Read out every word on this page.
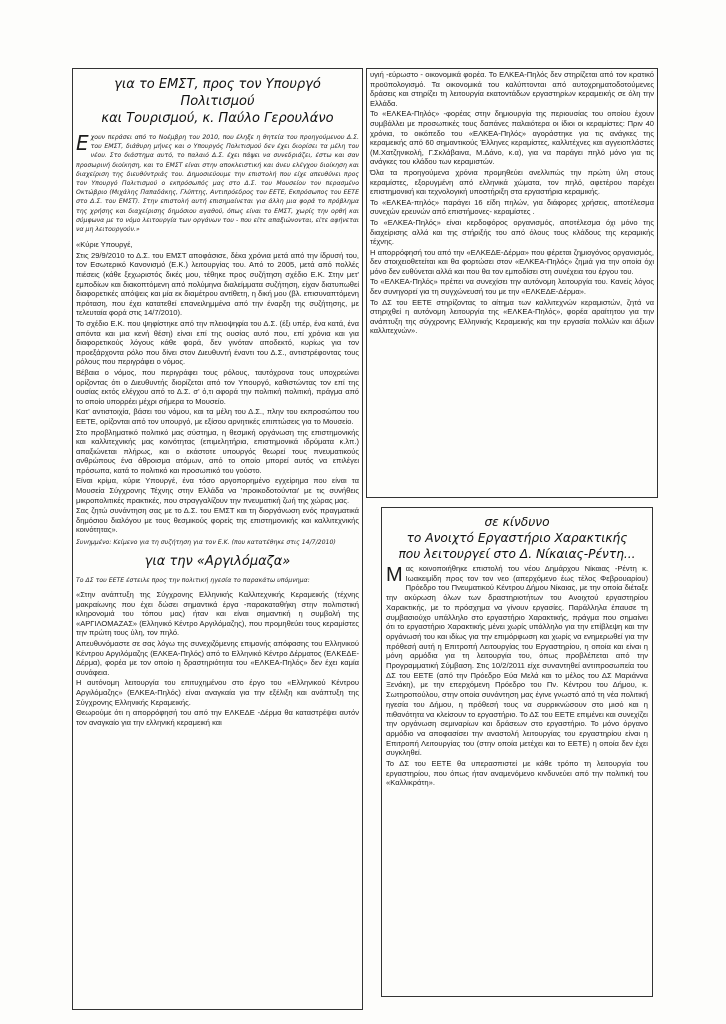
για το ΕΜΣΤ, προς τον Υπουργό Πολιτισμού
και Τουρισμού, κ. Παύλο Γερουλάνο
Εχουν περάσει από το Νοέμβρη του 2010, που έληξε η θητεία του προηγούμενου Δ.Σ. του ΕΜΣΤ, διάθυρη μήνες και ο Υπουργός Πολιτισμού δεν έχει διορίσει τα μέλη του νέου. Στο διάστημα αυτό, το παλαιό Δ.Σ. έχει πάψει να συνεδριάζει, έστω και σαν προσωρινή διοίκηση, και το ΕΜΣΤ είναι στην αποκλειστική και άνευ ελέγχου διοίκηση και διαχείριση της διευθύντριάς του. Δημοσιεύουμε την επιστολή που είχε απευθύνει προς τον Υπουργό Πολιτισμού ο εκπρόσωπός μας στο Δ.Σ. του Μουσείου τον περασμένο Οκτώβριο (Μιχάλης Παπαδάκης, Γλύπτης, Αντιπρόεδρος του ΕΕΤΕ, Εκπρόσωπος του ΕΕΤΕ στο Δ.Σ. του ΕΜΣΤ). Στην επιστολή αυτή επισημαίνεται για άλλη μια φορά το πρόβλημα της χρήσης και διαχείρισης δημόσιου αγαθού, όπως είναι το ΕΜΣΤ, χωρίς την ορθή και σύμφωνα με το νόμο λειτουργία των οργάνων του - που είτε απαξιώνονται, είτε αφήνεται να μη λειτουργούν.»

«Κύριε Υπουργέ,

Στις 29/9/2010 το Δ.Σ. του ΕΜΣΤ αποφάσισε, δέκα χρόνια μετά από την ίδρυσή του, τον Εσωτερικό Κανονισμό (Ε.Κ.) λειτουργίας του. Από το 2005, μετά από πολλές πιέσεις (κάθε ξεχωριστός δικές μου, τέθηκε προς συζήτηση σχέδιο Ε.Κ. Στην μετ' εμποδίων και διακοπτόμενη από πολύμηνα διαλείμματα συζήτηση, είχαν διατυπωθεί διαφορετικές απόψεις και μία εκ διαμέτρου αντίθετη, η δική μου (βλ. επισυναπτόμενη πρόταση, που έχει κατατεθεί επανειλημμένα από την έναρξη της συζήτησης, με τελευταία φορά στις 14/7/2010).

Το σχέδιο Ε.Κ. που ψηφίστηκε από την πλειοψηφία του Δ.Σ. (έξι υπέρ, ένα κατά, ένα απόντα και μια κενή θέση) είναι επί της ουσίας αυτό που, επί χρόνια και για διαφορετικούς λόγους κάθε φορά, δεν γινόταν αποδεκτό, κυρίως για τον προεξάρχοντα ρόλο που δίνει στον Διευθυντή έναντι του Δ.Σ., αντιστρέφοντας τους ρόλους που περιγράφει ο νόμος.

Βέβαια ο νόμος, που περιγράφει τους ρόλους, ταυτόχρονα τους υποχρεώνει ορίζοντας ότι ο Διευθυντής διορίζεται από τον Υπουργό, καθιστώντας τον επί της ουσίας εκτός ελέγχου από το Δ.Σ. σ' ό,τι αφορά την πολιτική πολιτική, πράγμα από το οποίο υπορρέει μέχρι σήμερα το Μουσείο.

Κατ' αντιστοιχία, βάσει του νόμου, και τα μέλη του Δ.Σ., πλην του εκπροσώπου του ΕΕΤΕ, ορίζονται από τον υπουργό, με εξίσου αρνητικές επιπτώσεις για το Μουσείο.

Στο προβληματικό πολιτικό μας σύστημα, η θεσμική οργάνωση της επιστημονικής και καλλιτεχνικής μας κοινότητας (επιμελητήρια, επιστημονικά ιδρύματα κ.λπ.) απαξιώνεται πλήρως, και ο εκάστοτε υπουργός θεωρεί τους πνευματικούς ανθρώπους ένα άθροισμα ατόμων, από το οποίο μπορεί αυτός να επιλέγει πρόσωπα, κατά το πολιτικό και προσωπικό του γούστο.

Είναι κρίμα, κύριε Υπουργέ, ένα τόσο αργοπορημένο εγχείρημα που είναι τα Μουσεία Σύγχρονης Τέχνης στην Ελλάδα να 'προικοδοτούνται' με τις συνήθεις μικροπολιτικές πρακτικές, που στραγγαλίζουν την πνευματική ζωή της χώρας μας.

Σας ζητώ συνάντηση σας με το Δ.Σ. του ΕΜΣΤ και τη διοργάνωση ενός πραγματικά δημόσιου διαλόγου με τους θεσμικούς φορείς της επιστημονικής και καλλιτεχνικής κοινότητας».

Συνημμένο: Κείμενο για τη συζήτηση για τον Ε.Κ. (που κατατέθηκε στις 14/7/2010)
για την «Αργιλόμαζα»
Το ΔΣ του ΕΕΤΕ έστειλε προς την πολιτική ηγεσία το παρακάτω υπόμνημα:

«Στην ανάπτυξη της Σύγχρονης Ελληνικής Καλλιτεχνικής Κεραμεικής (τέχνης μακραίωνης που έχει δώσει σημαντικά έργα -παρακαταθήκη στην πολιτιστική κληρονομιά του τόπου μας) ήταν και είναι σημαντική η συμβολή της «ΑΡΓΙΛΟΜΑΖΑΣ» (Ελληνικό Κέντρο Αργιλόμαζης), που προμηθεύει τους κεραμίστες την πρώτη τους ύλη, τον πηλό.

Απευθυνόμαστε σε σας λόγω της συνεχιζόμενης επιμονής απόφασης του Ελληνικού Κέντρου Αργιλόμαζης (ΕΛΚΕΑ-Πηλός) από το Ελληνικό Κέντρο Δέρματος (ΕΛΚΕΔΕ-Δέρμα), φορέα με τον οποίο η δραστηριότητα του «ΕΛΚΕΑ-Πηλός» δεν έχει καμία συνάφεια.

Η αυτόνομη λειτουργία του επιτυχημένου στο έργο του «Ελληνικού Κέντρου Αργιλόμαζης» (ΕΛΚΕΑ-Πηλός) είναι αναγκαία για την εξέλιξη και ανάπτυξη της Σύγχρονης Ελληνικής Κεραμεικής.

Θεωρούμε ότι η απορρόφησή του από την ΕΛΚΕΔΕ -Δέρμα θα καταστρέψει αυτόν τον αναγκαίο για την ελληνική κεραμεική και

υγιή -εύρωστο - οικονομικά φορέα. Το ΕΛΚΕΑ-Πηλός δεν στηρίζεται από τον κρατικό προϋπολογισμό. Τα οικονομικά του καλύπτονται από αυτοχρηματοδοτούμενες δράσεις και στηρίζει τη λειτουργία εκατοντάδων εργαστηρίων κεραμεικής σε όλη την Ελλάδα.

Το «ΕΛΚΕΑ-Πηλός» -φορέας στην δημιουργία της περιουσίας του οποίου έχουν συμβάλλει με προσωπικές τους δαπάνες παλαιότερα οι ίδιοι οι κεραμίστες: Πριν 40 χρόνια, το οικόπεδο του «ΕΛΚΕΑ-Πηλός» αγοράστηκε για τις ανάγκες της κεραμεικής από 60 σημαντικούς Έλληνες κεραμίστες, καλλιτέχνες και αγγειοπλάστες (Μ.Χατζηνικολή, Γ.Σκλάβαινα, Μ.Δάνο, κ.α), για να παράγει πηλό μόνο για τις ανάγκες του κλάδου των κεραμιστών.

Όλα τα προηγούμενα χρόνια προμηθεύει ανελλιπώς την πρώτη ύλη στους κεραμίστες, εξορυγμένη από ελληνικά χώματα, τον πηλό, αφετέρου παρέχει επιστημονική και τεχνολογική υποστήριξη στα εργαστήρια κεραμικής.

Το «ΕΛΚΕΑ-πηλός» παράγει 16 είδη πηλών, για διάφορες χρήσεις, αποτέλεσμα συνεχών ερευνών από επιστήμονες- κεραμίστες .

Το «ΕΛΚΕΑ-Πηλός» είναι κερδοφόρος οργανισμός, αποτέλεσμα όχι μόνο της διαχείρισης αλλά και της στήριξής του από όλους τους κλάδους της κεραμικής τέχνης.

Η απορρόφησή του από την «ΕΛΚΕΔΕ-Δέρμα» που φέρεται ζημιογόνος οργανισμός, δεν στοιχειοθετείται και θα φορτώσει στον «ΕΛΚΕΑ-Πηλός» ζημιά για την οποία όχι μόνο δεν ευθύνεται αλλά και που θα τον εμποδίσει στη συνέχεια του έργου του.

Το «ΕΛΚΕΑ-Πηλός» πρέπει να συνεχίσει την αυτόνομη λειτουργία του. Κανείς λόγος δεν συνηγορεί για τη συγχώνευσή του με την «ΕΛΚΕΔΕ-Δέρμα».

Το ΔΣ του ΕΕΤΕ στηρίζοντας το αίτημα των καλλιτεχνών κεραμιστών, ζητά να στηριχθεί η αυτόνομη λειτουργία της «ΕΛΚΕΑ-Πηλός», φορέα αραίτητου για την ανάπτυξη της σύγχρονης Ελληνικής Κεραμεικής και την εργασία πολλών και άξιων καλλιτεχνών».

σε κίνδυνο
το Ανοιχτό Εργαστήριο Χαρακτικής
που λειτουργεί στο Δ. Νίκαιας-Ρέντη...

Μας κοινοποιήθηκε επιστολή του νέου Δημάρχου Νίκαιας -Ρέντη κ. Ιωακειμίδη προς τον τον νεο (απερχόμενο έως τέλος Φεβρουαρίου) Πρόεδρο του Πνευματικού Κέντρου Δήμου Νίκαιας, με την οποία διέταξε την ακύρωση όλων των δραστηριοτήτων του Ανοιχτού εργαστηρίου Χαρακτικής, με το πρόσχημα να γίνουν εργασίες. Παράλληλα έπαυσε τη συμβασιούχο υπάλληλο στο εργαστήριο Χαρακτικής, πράγμα που σημαίνει ότι το εργαστήριο Χαρακτικής μένει χωρίς υπάλληλο για την επίβλεψη και την οργάνωσή του και ιδίως για την επιμόρφωση και χωρίς να ενημερωθεί για την πρόθεσή αυτή η Επιτροπή Λειτουργίας του Εργαστηρίου, η οποία και είναι η μόνη αρμόδια για τη λειτουργία του, όπως προβλέπεται από την Προγραμματική Σύμβαση. Στις 10/2/2011 είχε συναντηθεί αντιπροσωπεία του ΔΣ του ΕΕΤΕ (από την Πρόεδρο Εύα Μελά και το μέλος του ΔΣ Μαριάννα Ξενάκη), με την επερχόμενη Πρόεδρο του Πν. Κέντρου του Δήμου, κ. Σωτηροπούλου, στην οποία συνάντηση μας έγινε γνωστό από τη νέα πολιτική ηγεσία του Δήμου, η πρόθεσή τους να συρρικνώσουν στο μισό και η πιθανότητα να κλείσουν το εργαστήριο. Το ΔΣ του ΕΕΤΕ επιμένει και συνεχίζει την οργάνωση σεμιναρίων και δράσεων στο εργαστήριο. Το μόνο όργανο αρμόδιο να αποφασίσει την αναστολή λειτουργίας του εργαστηρίου είναι η Επιτροπή Λειτουργίας του (στην οποία μετέχει και το ΕΕΤΕ) η οποία δεν έχει συγκληθεί.

Το ΔΣ του ΕΕΤΕ θα υπερασπιστεί με κάθε τρόπο τη λειτουργία του εργαστηρίου, που όπως ήταν αναμενόμενο κινδυνεύει από την πολιτική του «Καλλικράτη».
